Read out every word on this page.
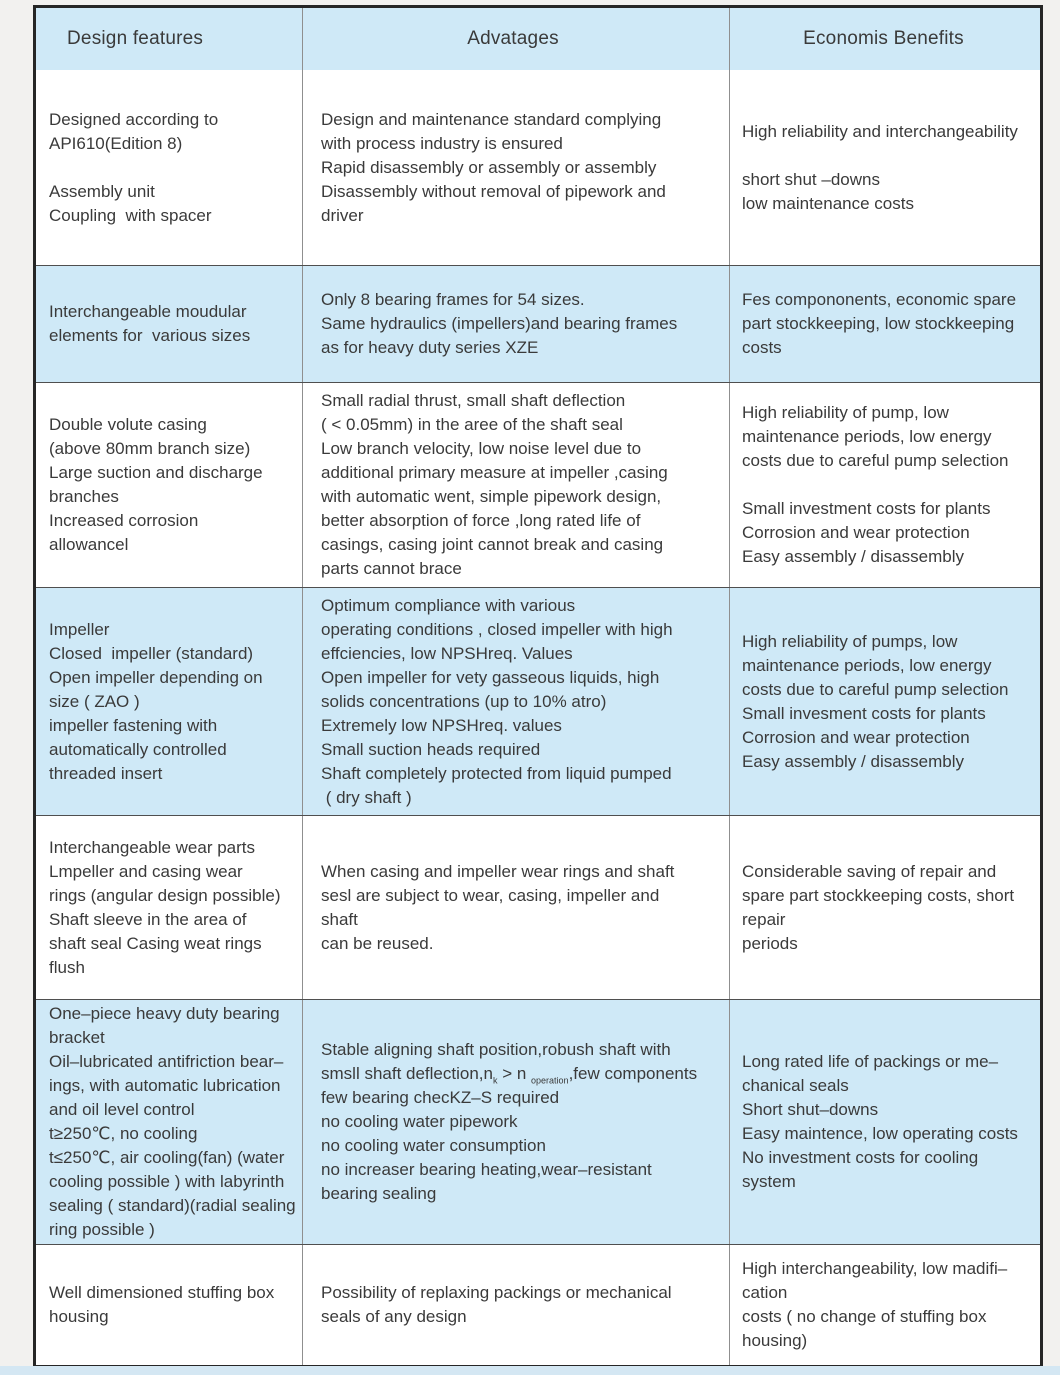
Design features	Advatages	Economis Benefits
Designed according to
API610(Edition 8)

Assembly unit
Coupling  with spacer
Design and maintenance standard complying
with process industry is ensured
Rapid disassembly or assembly or assembly
Disassembly without removal of pipework and
driver
High reliability and interchangeability

short shut –downs
low maintenance costs
Interchangeable moudular
elements for  various sizes
Only 8 bearing frames for 54 sizes.
Same hydraulics (impellers)and bearing frames
as for heavy duty series XZE
Fes compononents, economic spare
part stockkeeping, low stockkeeping
costs
Double volute casing
(above 80mm branch size)
Large suction and discharge
branches
Increased corrosion
allowancel
Small radial thrust, small shaft deflection
( < 0.05mm) in the aree of the shaft seal
Low branch velocity, low noise level due to
additional primary measure at impeller ,casing
with automatic went, simple pipework design,
better absorption of force ,long rated life of
casings, casing joint cannot break and casing
parts cannot brace
High reliability of pump, low
maintenance periods, low energy
costs due to careful pump selection

Small investment costs for plants
Corrosion and wear protection
Easy assembly / disassembly
Impeller
Closed  impeller (standard)
Open impeller depending on
size ( ZAO )
impeller fastening with
automatically controlled
threaded insert
Optimum compliance with various
operating conditions , closed impeller with high
effciencies, low NPSHreq. Values
Open impeller for vety gasseous liquids, high
solids concentrations (up to 10% atro)
Extremely low NPSHreq. values
Small suction heads required
Shaft completely protected from liquid pumped
( dry shaft )
High reliability of pumps, low
maintenance periods, low energy
costs due to careful pump selection
Small invesment costs for plants
Corrosion and wear protection
Easy assembly / disassembly
Interchangeable wear parts
Lmpeller and casing wear
rings (angular design possible)
Shaft sleeve in the area of
shaft seal Casing weat rings
flush
When casing and impeller wear rings and shaft
sesl are subject to wear, casing, impeller and
shaft
can be reused.
Considerable saving of repair and
spare part stockkeeping costs, short
repair
periods
One–piece heavy duty bearing
bracket
Oil–lubricated antifriction bear–
ings, with automatic lubrication
and oil level control
t≥250℃, no cooling
t≤250℃, air cooling(fan) (water
cooling possible ) with labyrinth
sealing ( standard)(radial sealing
ring possible )
Stable aligning shaft position,robush shaft with
smsll shaft $deflection,n_k > n$ $_{operation}$,few components
few bearing checKZ–S required
no cooling water pipework
no cooling water consumption
no increaser bearing heating,wear–resistant
bearing sealing
Long rated life of packings or me–
chanical seals
Short shut–downs
Easy maintence, low operating costs
No investment costs for cooling
system
Well dimensioned stuffing box
housing
Possibility of replaxing packings or mechanical
seals of any design
High interchangeability, low madifi–
cation
costs ( no change of stuffing box
housing)
